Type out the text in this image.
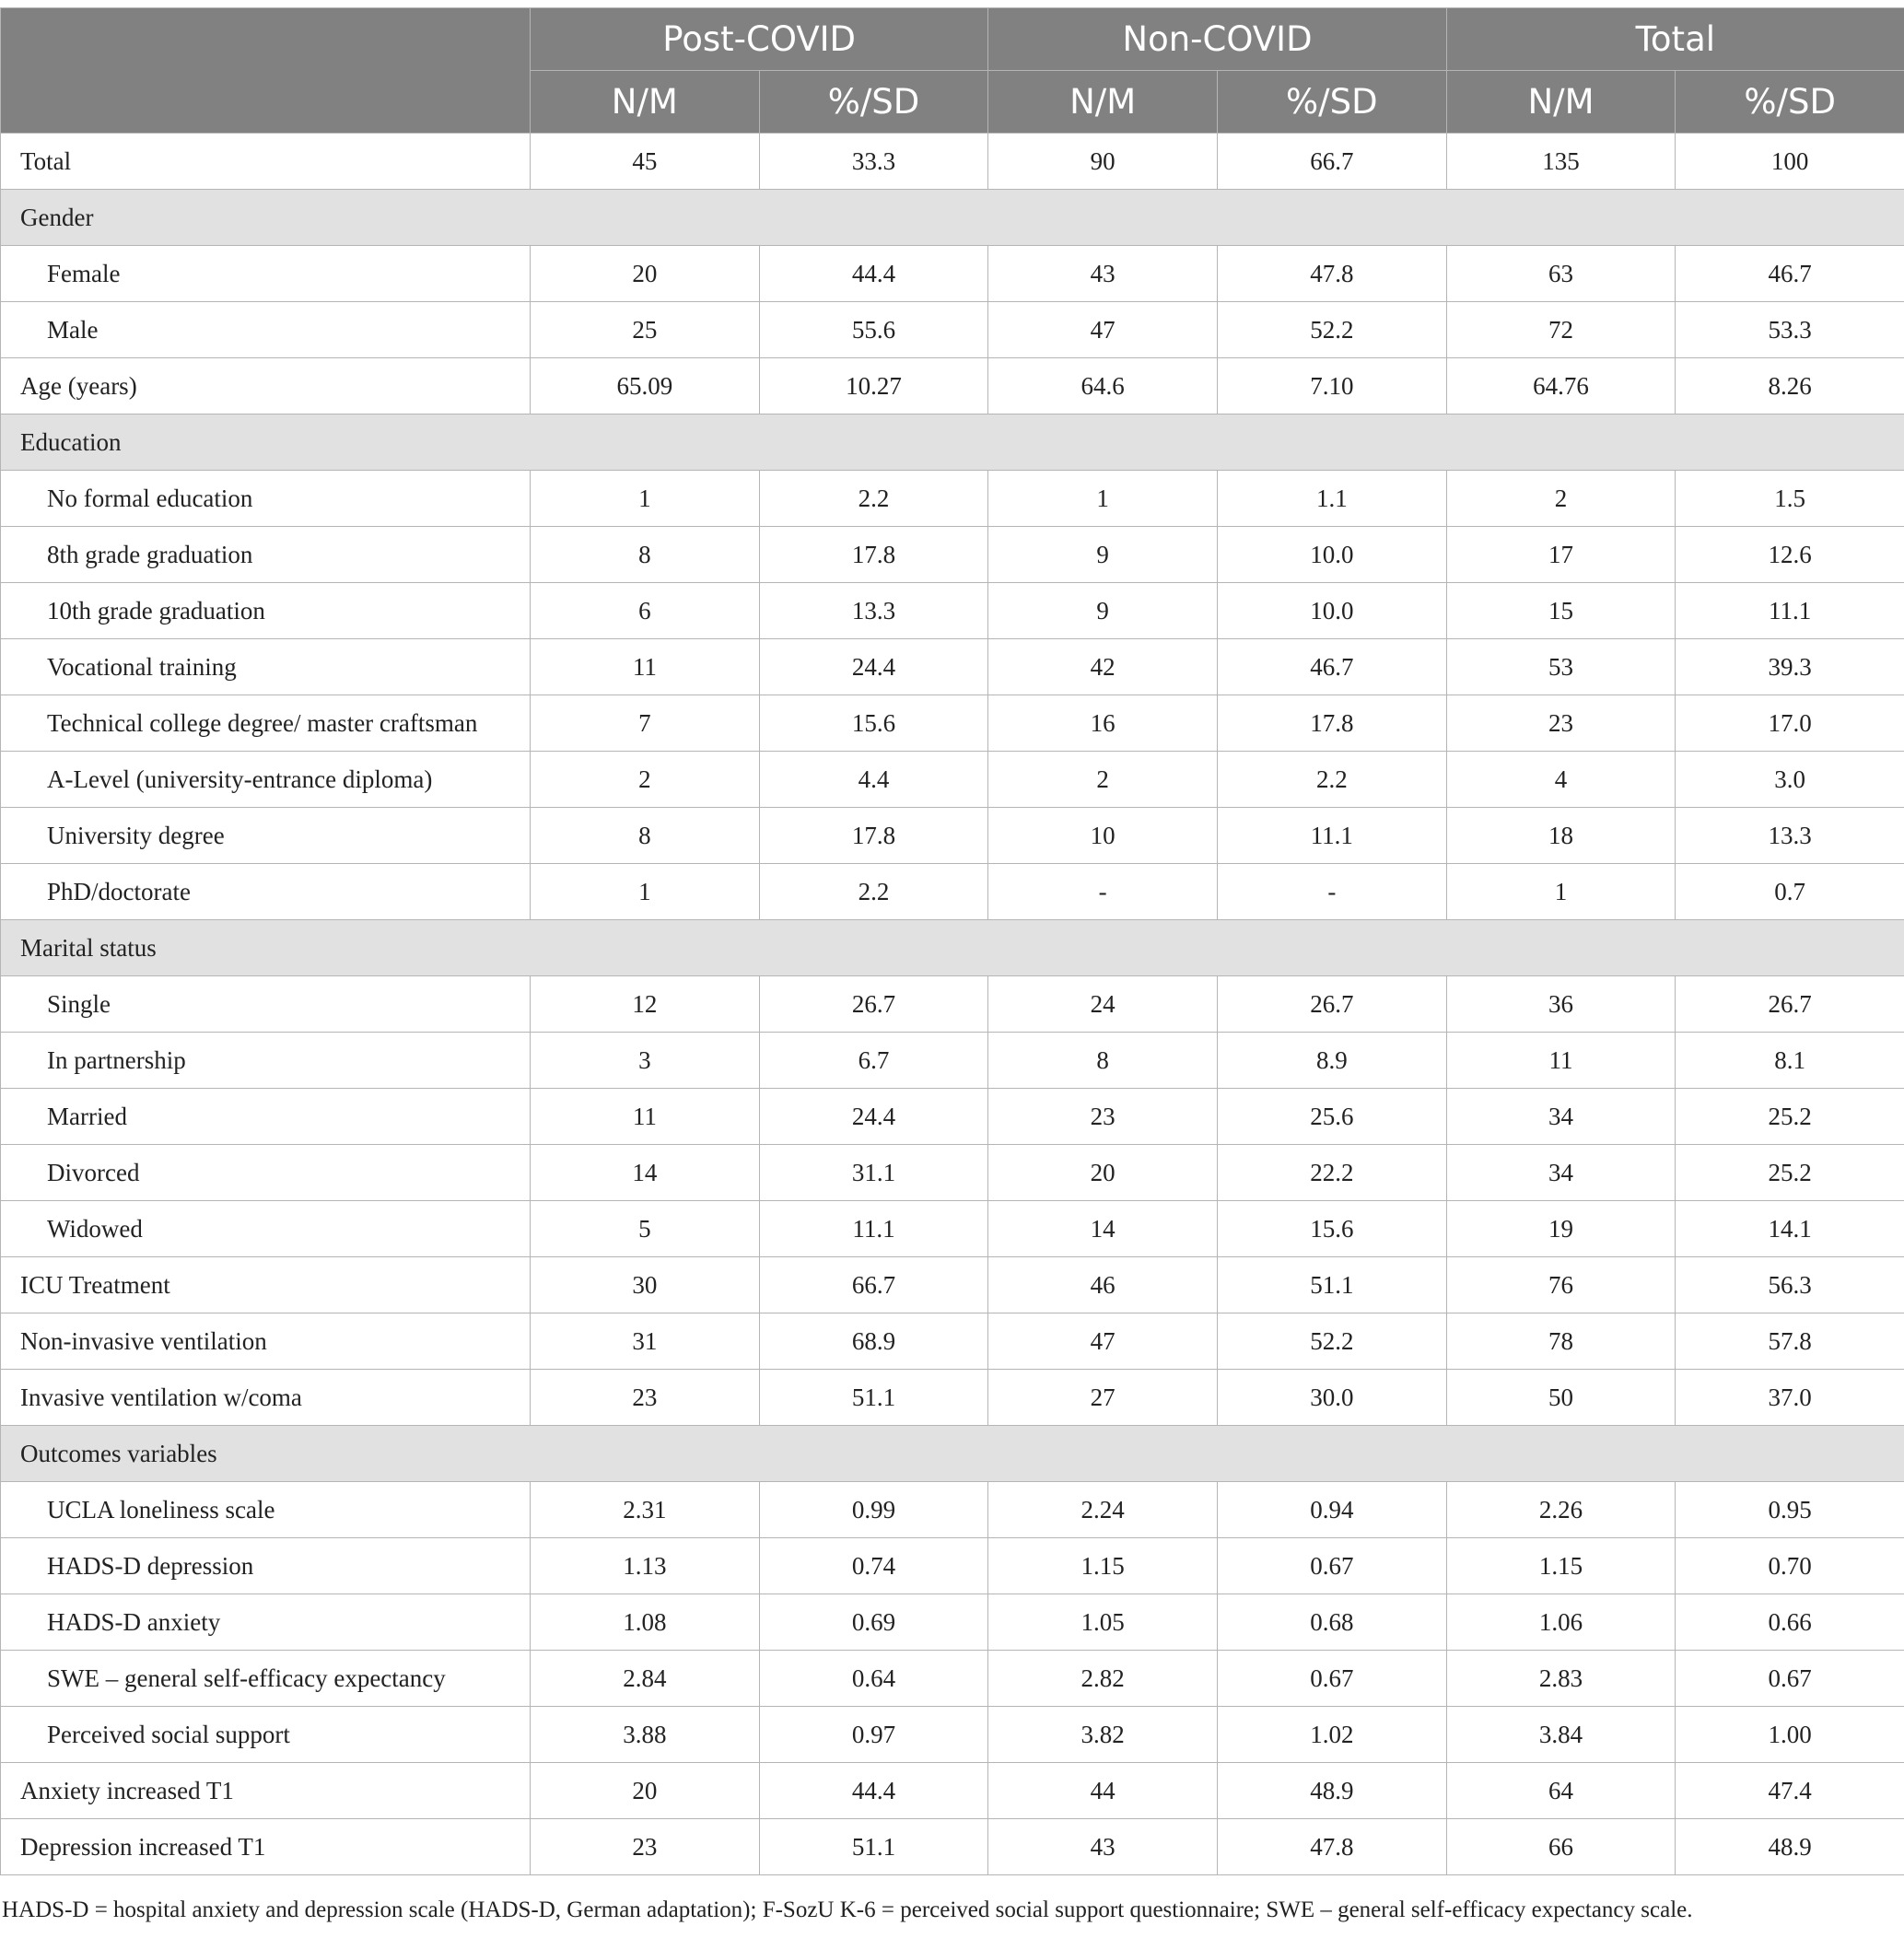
	Post-COVID		Non-COVID		Total	
	N/M	%/SD	N/M	%/SD	N/M	%/SD
Total	45	33.3	90	66.7	135	100
Gender						
Female	20	44.4	43	47.8	63	46.7
Male	25	55.6	47	52.2	72	53.3
Age (years)	65.09	10.27	64.6	7.10	64.76	8.26
Education						
No formal education	1	2.2	1	1.1	2	1.5
8th grade graduation	8	17.8	9	10.0	17	12.6
10th grade graduation	6	13.3	9	10.0	15	11.1
Vocational training	11	24.4	42	46.7	53	39.3
Technical college degree/ master craftsman	7	15.6	16	17.8	23	17.0
A-Level (university-entrance diploma)	2	4.4	2	2.2	4	3.0
University degree	8	17.8	10	11.1	18	13.3
PhD/doctorate	1	2.2	-	-	1	0.7
Marital status						
Single	12	26.7	24	26.7	36	26.7
In partnership	3	6.7	8	8.9	11	8.1
Married	11	24.4	23	25.6	34	25.2
Divorced	14	31.1	20	22.2	34	25.2
Widowed	5	11.1	14	15.6	19	14.1
ICU Treatment	30	66.7	46	51.1	76	56.3
Non-invasive ventilation	31	68.9	47	52.2	78	57.8
Invasive ventilation w/coma	23	51.1	27	30.0	50	37.0
Outcomes variables						
UCLA loneliness scale	2.31	0.99	2.24	0.94	2.26	0.95
HADS-D depression	1.13	0.74	1.15	0.67	1.15	0.70
HADS-D anxiety	1.08	0.69	1.05	0.68	1.06	0.66
SWE – general self-efficacy expectancy	2.84	0.64	2.82	0.67	2.83	0.67
Perceived social support	3.88	0.97	3.82	1.02	3.84	1.00
Anxiety increased T1	20	44.4	44	48.9	64	47.4
Depression increased T1	23	51.1	43	47.8	66	48.9
HADS-D = hospital anxiety and depression scale (HADS-D, German adaptation); F-SozU K-6 = perceived social support questionnaire; SWE – general self-efficacy expectancy scale.
